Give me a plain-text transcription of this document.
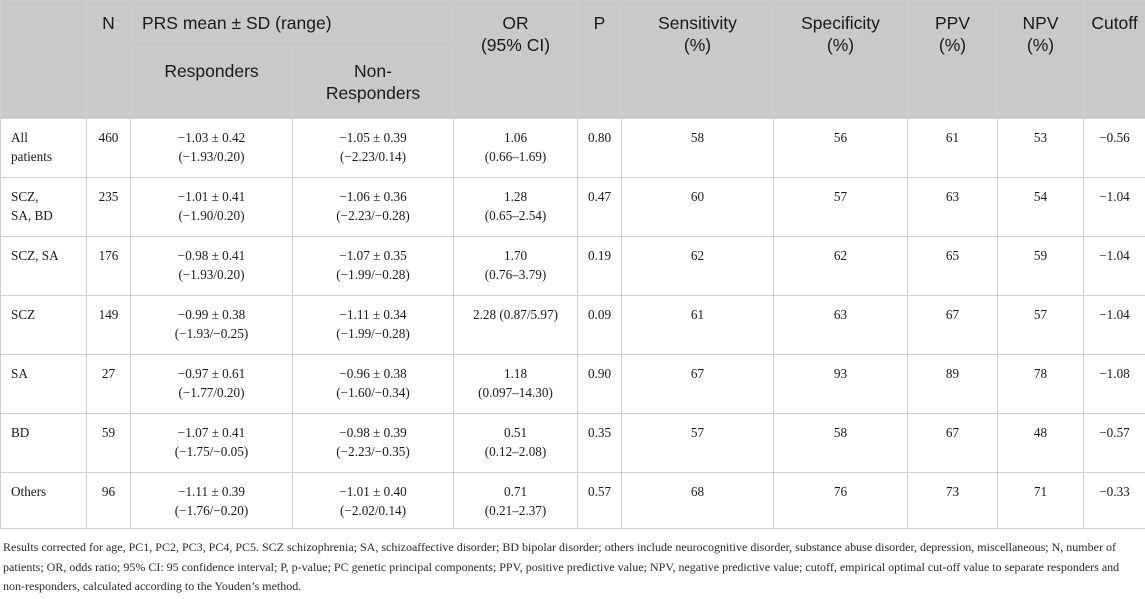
	N	PRS mean ± SD (range)		OR
(95% CI)	P	Sensitivity
(%)	Specificity
(%)	PPV
(%)	NPV
(%)	Cutoff
		Responders	Non-
Responders							

All
patients	460	−1.03 ± 0.42
(−1.93/0.20)	−1.05 ± 0.39
(−2.23/0.14)	1.06
(0.66–1.69)	0.80	58	56	61	53	−0.56

SCZ,
SA, BD	235	−1.01 ± 0.41
(−1.90/0.20)	−1.06 ± 0.36
(−2.23/−0.28)	1.28
(0.65–2.54)	0.47	60	57	63	54	−1.04

SCZ, SA	176	−0.98 ± 0.41
(−1.93/0.20)	−1.07 ± 0.35
(−1.99/−0.28)	1.70
(0.76–3.79)	0.19	62	62	65	59	−1.04

SCZ	149	−0.99 ± 0.38
(−1.93/−0.25)	−1.11 ± 0.34
(−1.99/−0.28)	2.28 (0.87/5.97)	0.09	61	63	67	57	−1.04

SA	27	−0.97 ± 0.61
(−1.77/0.20)	−0.96 ± 0.38
(−1.60/−0.34)	1.18
(0.097–14.30)	0.90	67	93	89	78	−1.08

BD	59	−1.07 ± 0.41
(−1.75/−0.05)	−0.98 ± 0.39
(−2.23/−0.35)	0.51
(0.12–2.08)	0.35	57	58	67	48	−0.57

Others	96	−1.11 ± 0.39
(−1.76/−0.20)	−1.01 ± 0.40
(−2.02/0.14)	0.71
(0.21–2.37)	0.57	68	76	73	71	−0.33

Results corrected for age, PC1, PC2, PC3, PC4, PC5. SCZ schizophrenia; SA, schizoaffective disorder; BD bipolar disorder; others include neurocognitive disorder, substance abuse disorder, depression, miscellaneous; N, number of patients; OR, odds ratio; 95% CI: 95 confidence interval; P, p-value; PC genetic principal components; PPV, positive predictive value; NPV, negative predictive value; cutoff, empirical optimal cut-off value to separate responders and non-responders, calculated according to the Youden’s method.
